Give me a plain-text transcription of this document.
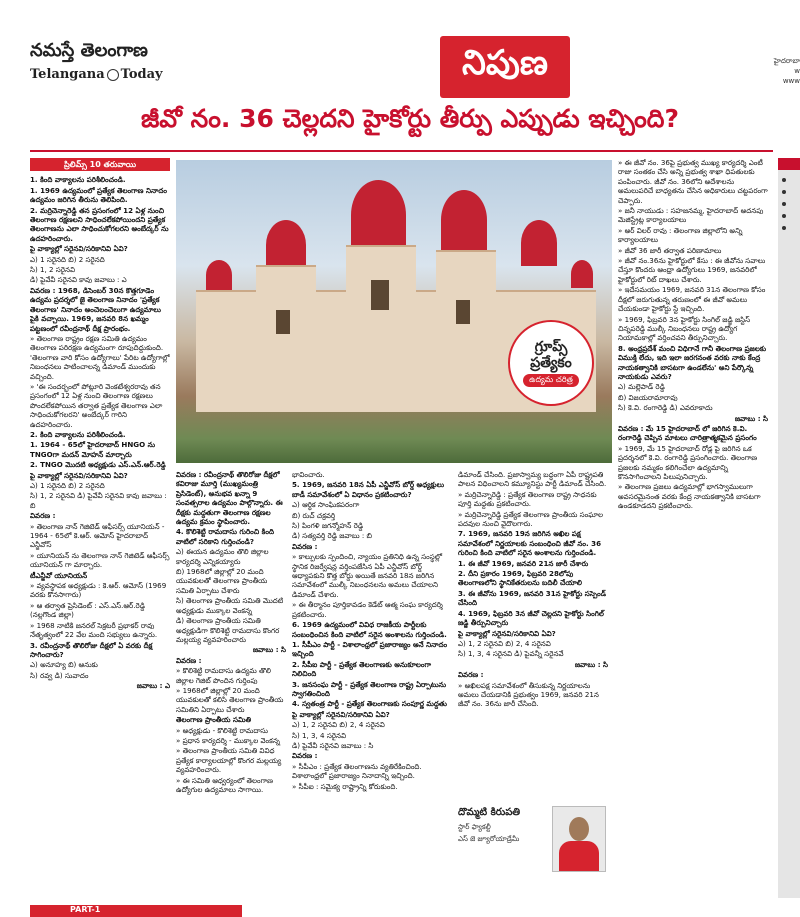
నమస్తే తెలంగాణ
Telangana Today	నిపుణ	హైదరాబా
w
www
జీవో నం. 36 చెల్లదని హైకోర్టు తీర్పు ఎప్పుడు ఇచ్చింది?
ప్రిలిమ్స్ 10 తరువాయి

1. కింది వాక్యాలను పరిశీలించండి.

1. 1969 ఉద్యమంలో ప్రత్యేక తెలంగాణ నినాదం ఉద్యమం జరిగిన తీరును తెలిపింది.

2. మర్రిచెన్నారెడ్డి తన ప్రసంగంలో 12 ఏళ్ల నుంచి తెలంగాణ రక్షణలని సాధించలేకపోయిందని ప్రత్యేక తెలంగాణను ఎలా సాధించుకోగలరని అంబేద్కర్ ను ఉదహరించారు.

పై వాక్యాల్లో సరైనవి/సరికానివి ఏవి?

ఎ) 1 సరైనది బి) 2 సరైనది

సి) 1, 2 సరైనవి

డి) పైవేవీ సరైనవి కావు జవాబు : ఎ

వివరణ : 1968, డిసెంబర్ 30న కొత్తగూడెం ఉద్యమ ప్రదర్శలో జై తెలంగాణ నినాదం 'ప్రత్యేక తెలంగాణ' నినాదం అంచెలంచెలుగా ఉద్యమాలు పైకి వచ్చాయి. 1969, జనవరి 8న ఖమ్మం పట్టణంలో రవీంద్రనాథ్ దీక్ష ప్రారంభం.

» తెలంగాణ రాష్ట్రం రక్షణ సమితి ఉద్యమం తెలంగాణ పరిరక్షణ ఉద్యమంగా రూపుదిద్దుకుంది. 'తెలంగాణ వారి కోసం ఉద్యోగాలు' పేరిట ఉద్యోగాల్లో నిబంధనలు పాటించాలన్న డిమాండ్ ముందుకు వచ్చింది.

» 'ఈ సందర్భంలో పోట్లూరి వెంకటేశ్వరరావు తన ప్రసంగంలో 12 ఏళ్ల నుంచి తెలంగాణ రక్షణలు పొందలేకపోయిన తర్వాత ప్రత్యేక తెలంగాణ ఎలా సాధించుకోగలరని' అంబేద్కర్ గారిని ఉదహరించారు.

2. కింది వాక్యాలను పరిశీలించండి.

1. 1964 - 65లో హైదరాబాద్ HNGO ను TNGOగా మదన్ మోహన్ మార్చారు

2. TNGO మొదటి అధ్యక్షుడు ఎస్.ఎన్.ఆర్.రెడ్డి

పై వాక్యాల్లో సరైనవి/సరికానివి ఏవి?

ఎ) 1 సరైనది బి) 2 సరైనది

సి) 1, 2 సరైనవి డి) పైవేవీ సరైనవి కావు జవాబు : బి

వివరణ :

» తెలంగాణ నాన్ గెజిటెడ్ ఆఫీసర్స్ యూనియన్ - 1964 - 65లో కె.ఆర్. ఆమోస్ హైదరాబాద్ ఎన్జీవోస్

» యూనియన్ ను తెలంగాణ నాన్ గెజిటెడ్ ఆఫీసర్స్ యూనియన్ గా మార్చారు.

టీఎన్జీవో యూనియన్

» వ్యవస్థాపక అధ్యక్షుడు : కె.ఆర్. ఆమోస్ (1969 వరకు కొనసాగారు)

» ఆ తర్వాత ప్రెసిడెంట్ : ఎస్.ఎస్.ఆర్.రెడ్డి (నల్లగొండ జిల్లా)

» 1968 నాటికి జనరల్ సెక్రటరీ ప్రభాకర్ రావు నేతృత్వంలో 22 వేల మంది సభ్యులు ఉన్నారు.

3. రవీంద్రనాథ్ తొలిరోజు దీక్షలో ఏ వరకు దీక్ష సాగించారు?

ఎ) అనూహ్య బి) ఆనుకు

సి) రవ్వ డి) సువాదం

జవాబు : ఎ

గ్రూప్స్
ప్రత్యేకం
ఉద్యమ చరిత్ర

వివరణ : రవీంద్రనాథ్ తొలిరోజు దీక్షలో కవిరాజు మూర్తి (ముఖ్యమంత్రి ప్రెసిడెంట్), అనుభవ ఖన్నా 9 సంవత్సరాల ఉద్యమం పాల్గొన్నారు. ఈ దీక్షకు మద్దతుగా తెలంగాణ రక్షణల ఉద్యమ క్రమం స్థాపించారు.

4. కొలిశెట్టి రామదాసు గురించి కింది వాటిలో సరికాని గుర్తించండి?

ఎ) ఈయన ఉద్యమం తొలి జిల్లాల కార్యదర్శి ఎన్నికయ్యారు

బి) 1968లో జిల్లాల్లో 20 మంది యువకులతో తెలంగాణ ప్రాంతీయ సమితి ఏర్పాటు చేశారు

సి) తెలంగాణ ప్రాంతీయ సమితి మొదటి అధ్యక్షుడు ముక్కాల వెంకన్న

డి) తెలంగాణ ప్రాంతీయ సమితి అధ్యక్షుడిగా కొలిశెట్టి రామదాసు కొంగర మల్లయ్య వ్యవహరించారు

జవాబు : సి

వివరణ :

» కొలిశెట్టి రామదాసు ఉద్యమ తొలి జిల్లాల గెజిట్ పొందిన గుర్తింపు

» 1968లో జిల్లాల్లో 20 మంది యువకులతో కలిసి తెలంగాణ ప్రాంతీయ సమితిని ఏర్పాటు చేశారు

తెలంగాణ ప్రాంతీయ సమితి

» అధ్యక్షుడు - కొలిశెట్టి రామదాసు

» ప్రధాన కార్యదర్శి - ముక్కాల వెంకన్న

» తెలంగాణ ప్రాంతీయ సమితి వివిధ ప్రత్యేక కార్యాలయాల్లో కొంగర మల్లయ్య వ్యవహరించారు.

» ఈ సమితి ఆధ్వర్యంలో తెలంగాణ ఉద్యోగుల ఉద్యమాలు సాగాయి.

భావించారు.

5. 1969, జనవరి 18న ఏపీ ఎన్జీవోస్ బోర్డ్ అధ్యక్షులు బాడీ సమావేశంలో ఏ విధానం ప్రకటించారు?

ఎ) ఆర్థిక సాంఘికపరంగా

బి) రుచ్ చక్రవర్తి

సి) పింగళి జగన్మోహన్ రెడ్డి

డి) సత్యవర్తి రెడ్డి జవాబు : బి

వివరణ :

» కాల్పులకు స్పందించి, న్యాయం ప్రతినిధి ఉన్న సంస్థల్లో స్థానిక రిజర్వేషన్ల వర్తింపజేసిన ఏపీ ఎన్జీవోస్ బోర్డ్ ఆధ్యాపకుని కొత్త బోర్డు అయితే జనవరి 18న జరిగిన సమావేశంలో ముల్కీ నిబంధనలను అమలు చేయాలని డిమాండ్ చేశారు.

» ఈ తీర్మానం పూర్తికావడం కెడేట్ ఆత్మ సంఘ కార్యదర్శి ప్రకటించారు.

6. 1969 ఉద్యమంలో వివిధ రాజకీయ పార్టీలకు సంబంధించిన కింది వాటిలో సరైన అంశాలను గుర్తించండి.

1. సీపీఎం పార్టీ - విశాలాంధ్రలో ప్రజారాజ్యం అనే నినాదం ఇచ్చింది

2. సీపీఐ పార్టీ - ప్రత్యేక తెలంగాణకు అనుకూలంగా నిలిచింది

3. జనసంఘ పార్టీ - ప్రత్యేక తెలంగాణ రాష్ట్ర ఏర్పాటును స్వాగతించింది

4. స్వతంత్ర పార్టీ - ప్రత్యేక తెలంగాణకు సంపూర్ణ మద్దతు

పై వాక్యాల్లో సరైనవి/సరికానివి ఏవి?

ఎ) 1, 2 సరైనవి బి) 2, 4 సరైనవి

సి) 1, 3, 4 సరైనవి

డి) పైవేవీ సరైనవి జవాబు : సి

వివరణ :

» సీపీఎం : ప్రత్యేక తెలంగాణను వ్యతిరేకించింది. విశాలాంధ్రలో ప్రజారాజ్యం నినాదాన్ని ఇచ్చింది.

» సీపీఐ : సమైక్య రాష్ట్రాన్ని కోరుకుంది.

డిమాండ్ చేసింది. ప్రజాస్వామ్య బద్ధంగా ఏపీ రాష్ట్రపతి పాలన విధించాలని కమ్యూనిస్టు పార్టీ డిమాండ్ చేసింది.

» మర్రిచెన్నారెడ్డి : ప్రత్యేక తెలంగాణ రాష్ట్ర సాధనకు పూర్తి మద్దతు ప్రకటించారు.

» మర్రిచెన్నారెడ్డి ప్రత్యేక తెలంగాణ ప్రాంతీయ సంఘాల పదవుల నుంచి వైదొలగారు.

7. 1969, జనవరి 19న జరిగిన అఖిల పక్ష సమావేశంలో నిర్ణయాలకు సంబంధించి జీవో నం. 36 గురించి కింది వాటిలో సరైన అంశాలను గుర్తించండి.

1. ఈ జీవో 1969, జనవరి 21న జారీ చేశారు

2. దీని ప్రకారం 1969, ఫిబ్రవరి 28లోపు తెలంగాణలోని స్థానికేతరులను బదిలీ చేయాలి

3. ఈ జీవోను 1969, జనవరి 31న హైకోర్టు సస్పెండ్ చేసింది

4. 1969, ఫిబ్రవరి 3న జీవో చెల్లదని హైకోర్టు సింగిల్ జడ్జి తీర్పునిచ్చారు

పై వాక్యాల్లో సరైనవి/సరికానివి ఏవి?

ఎ) 1, 2 సరైనవి బి) 2, 4 సరైనవి

సి) 1, 3, 4 సరైనవి డి) పైవన్నీ సరైనవే

జవాబు : సి

వివరణ :

» అఖిలపక్ష సమావేశంలో తీసుకున్న నిర్ణయాలను అమలు చేయడానికి ప్రభుత్వం 1969, జనవరి 21న జీవో నం. 36ను జారీ చేసింది.

దొమ్మటి కిరుపతి
స్టార్ ఫ్యాకల్టీ
ఎస్ జె జ్యూరోయాడ్రేమీ

» ఈ జీవో నం. 36పై ప్రభుత్వ ముఖ్య కార్యదర్శి ఎంటీ రాజు సంతకం చేసి అన్ని ప్రభుత్వ శాఖా ధిపతులకు పంపించారు. జీవో నం. 36లోని అదేశాలను అమలుపరిచే బాధ్యతను చేసిన ఆధికారులు చట్టపరంగా చెప్పారు.

» జనీ నాయుడు : సహజనమ్మ, హైదరాబాద్ అదనపు మెజిస్ట్రేట్ల కార్యాలయాలు

» అర్ విలర్ రావు : తెలంగాణ జిల్లాలోని అన్ని కార్యాలయాలు

» జీవో 36 జారీ తర్వాత పరిణామాలు

» జీవో నం.36ను హైకోర్టులో కేసు : ఈ జీవోను సవాలు చేస్తూ కొందరు ఆంధ్రా ఉద్యోగులు 1969, జనవరిలో హైకోర్టులో రిట్ దాఖలు చేశారు.

» ఇదేసమయం 1969, జనవరి 31న తెలంగాణ కోసం దీక్షలో జరుగుతున్న తరుణంలో ఈ జీవో అమలు చేయకుండా హైకోర్టు స్టే ఇచ్చింది.

» 1969, ఫిబ్రవరి 3న హైకోర్టు సింగిల్ జడ్జి జస్టిస్ చిన్నపరెడ్డి ముల్కీ నిబంధనలు రాష్ట్ర ఉద్యోగ నియామకాల్లో వర్తించవని తీర్పునిచ్చారు.

8. అంధ్రప్రదేశ్ మంచి విధిగానే గానీ తెలంగాణ ప్రజలకు విముక్తి లేదు, ఇది ఇలా జరగనంత వరకు నాకు కేంద్ర నాయకత్వానికి బాసటగా ఉండలేను' అని పేర్కొన్న నాయకుడు ఎవరు?

ఎ) మల్లెపాడ్ రెడ్డి

బి) విజయరామారావు

సి) కె.వి. రంగారెడ్డి డి) ఎవరూకాదు

జవాబు : సి

వివరణ : మే 15 హైదరాబాద్ లో జరిగిన కె.వి. రంగారెడ్డి చెప్పిన మాటలు చారిత్రాత్మకమైన ప్రసంగం

» 1969, మే 15 హైదరాబాద్ రోడ్ల పై జరిగిన ఒక ప్రదర్శనలో కె.వి. రంగారెడ్డి ప్రసంగించారు. తెలంగాణ ప్రజలకు నమ్మకం కలిగించేలా ఉద్యమాన్ని కొనసాగించాలని పిలుపునిచ్చారు.

» తెలంగాణ ప్రజలు ఉద్యమాల్లో భాగస్వాములుగా అవసరమైనంత వరకు కేంద్ర నాయకత్వానికి బాసటగా ఉండకూడదని ప్రకటించారు.

PART-1
